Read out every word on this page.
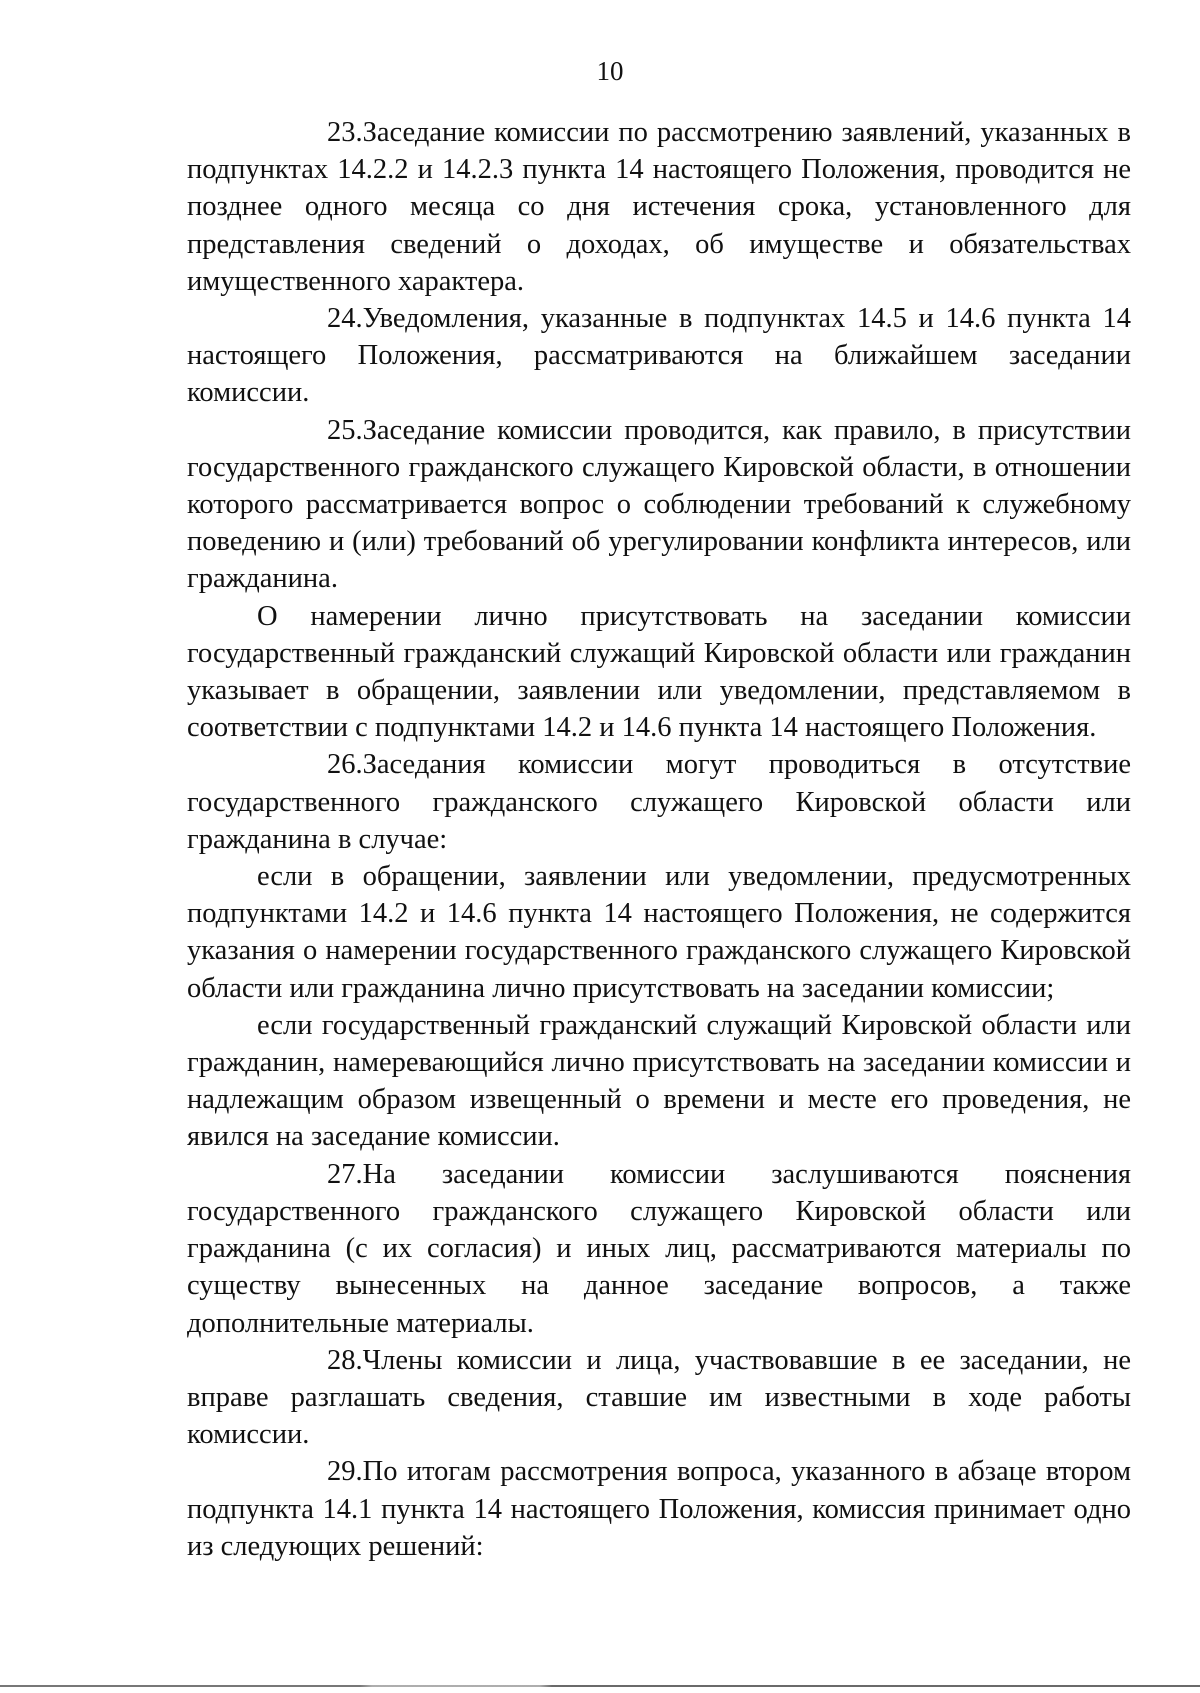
10

23.Заседание комиссии по рассмотрению заявлений, указанных в подпунктах 14.2.2 и 14.2.3 пункта 14 настоящего Положения, проводится не позднее одного месяца со дня истечения срока, установленного для представления сведений о доходах, об имуществе и обязательствах имущественного характера.

24.Уведомления, указанные в подпунктах 14.5 и 14.6 пункта 14 настоящего Положения, рассматриваются на ближайшем заседании комиссии.

25.Заседание комиссии проводится, как правило, в присутствии государственного гражданского служащего Кировской области, в отношении которого рассматривается вопрос о соблюдении требований к служебному поведению и (или) требований об урегулировании конфликта интересов, или гражданина.

О намерении лично присутствовать на заседании комиссии государственный гражданский служащий Кировской области или гражданин указывает в обращении, заявлении или уведомлении, представляемом в соответствии с подпунктами 14.2 и 14.6 пункта 14 настоящего Положения.

26.Заседания комиссии могут проводиться в отсутствие государственного гражданского служащего Кировской области или гражданина в случае:

если в обращении, заявлении или уведомлении, предусмотренных подпунктами 14.2 и 14.6 пункта 14 настоящего Положения, не содержится указания о намерении государственного гражданского служащего Кировской области или гражданина лично присутствовать на заседании комиссии;

если государственный гражданский служащий Кировской области или гражданин, намеревающийся лично присутствовать на заседании комиссии и надлежащим образом извещенный о времени и месте его проведения, не явился на заседание комиссии.

27.На заседании комиссии заслушиваются пояснения государственного гражданского служащего Кировской области или гражданина (с их согласия) и иных лиц, рассматриваются материалы по существу вынесенных на данное заседание вопросов, а также дополнительные материалы.

28.Члены комиссии и лица, участвовавшие в ее заседании, не вправе разглашать сведения, ставшие им известными в ходе работы комиссии.

29.По итогам рассмотрения вопроса, указанного в абзаце втором подпункта 14.1 пункта 14 настоящего Положения, комиссия принимает одно из следующих решений:
